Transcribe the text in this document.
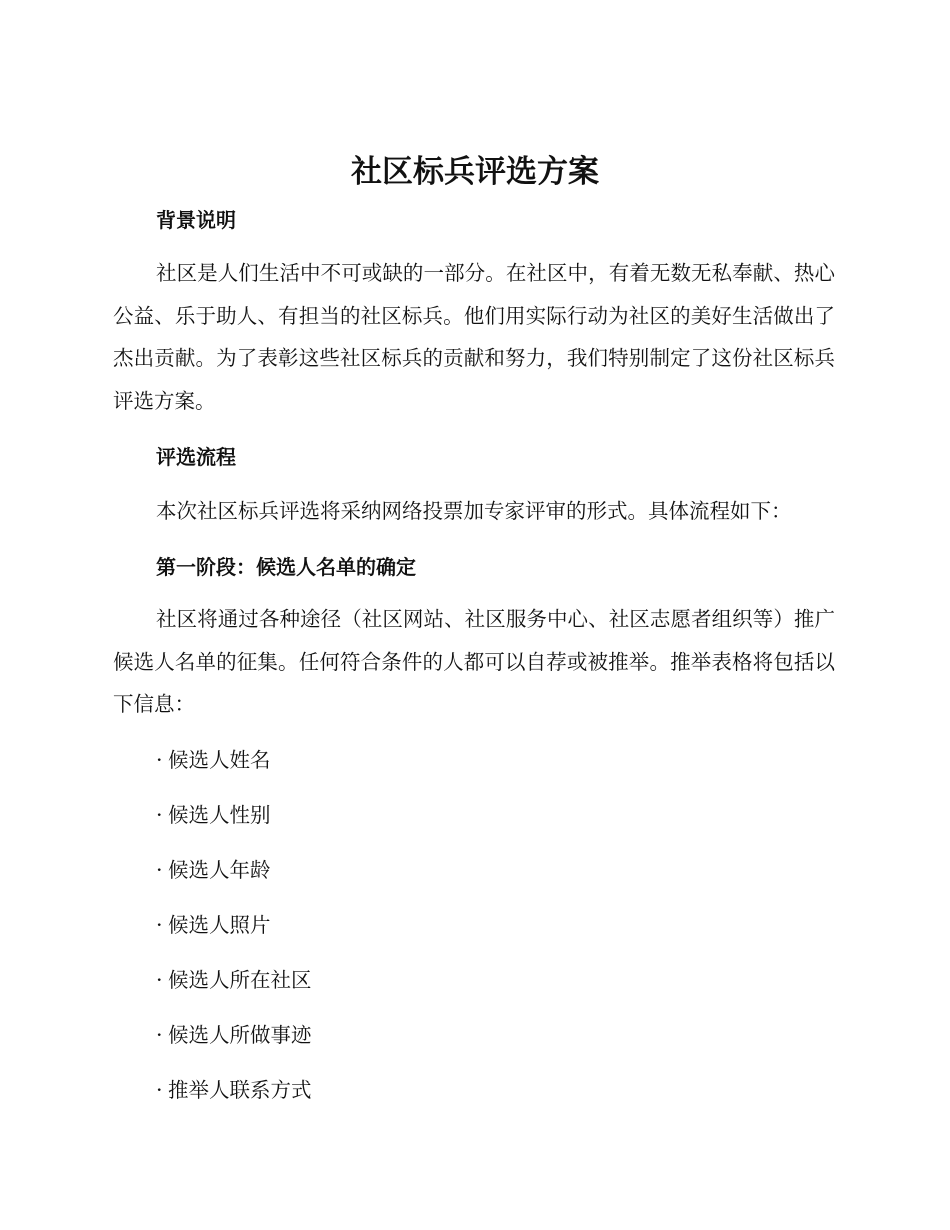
社区标兵评选方案
背景说明

社区是人们生活中不可或缺的一部分。在社区中，有着无数无私奉献、热心公益、乐于助人、有担当的社区标兵。他们用实际行动为社区的美好生活做出了杰出贡献。为了表彰这些社区标兵的贡献和努力，我们特别制定了这份社区标兵评选方案。

评选流程

本次社区标兵评选将采纳网络投票加专家评审的形式。具体流程如下：

第一阶段：候选人名单的确定

社区将通过各种途径（社区网站、社区服务中心、社区志愿者组织等）推广候选人名单的征集。任何符合条件的人都可以自荐或被推举。推举表格将包括以下信息：

· 候选人姓名
· 候选人性别
· 候选人年龄
· 候选人照片
· 候选人所在社区
· 候选人所做事迹
· 推举人联系方式
